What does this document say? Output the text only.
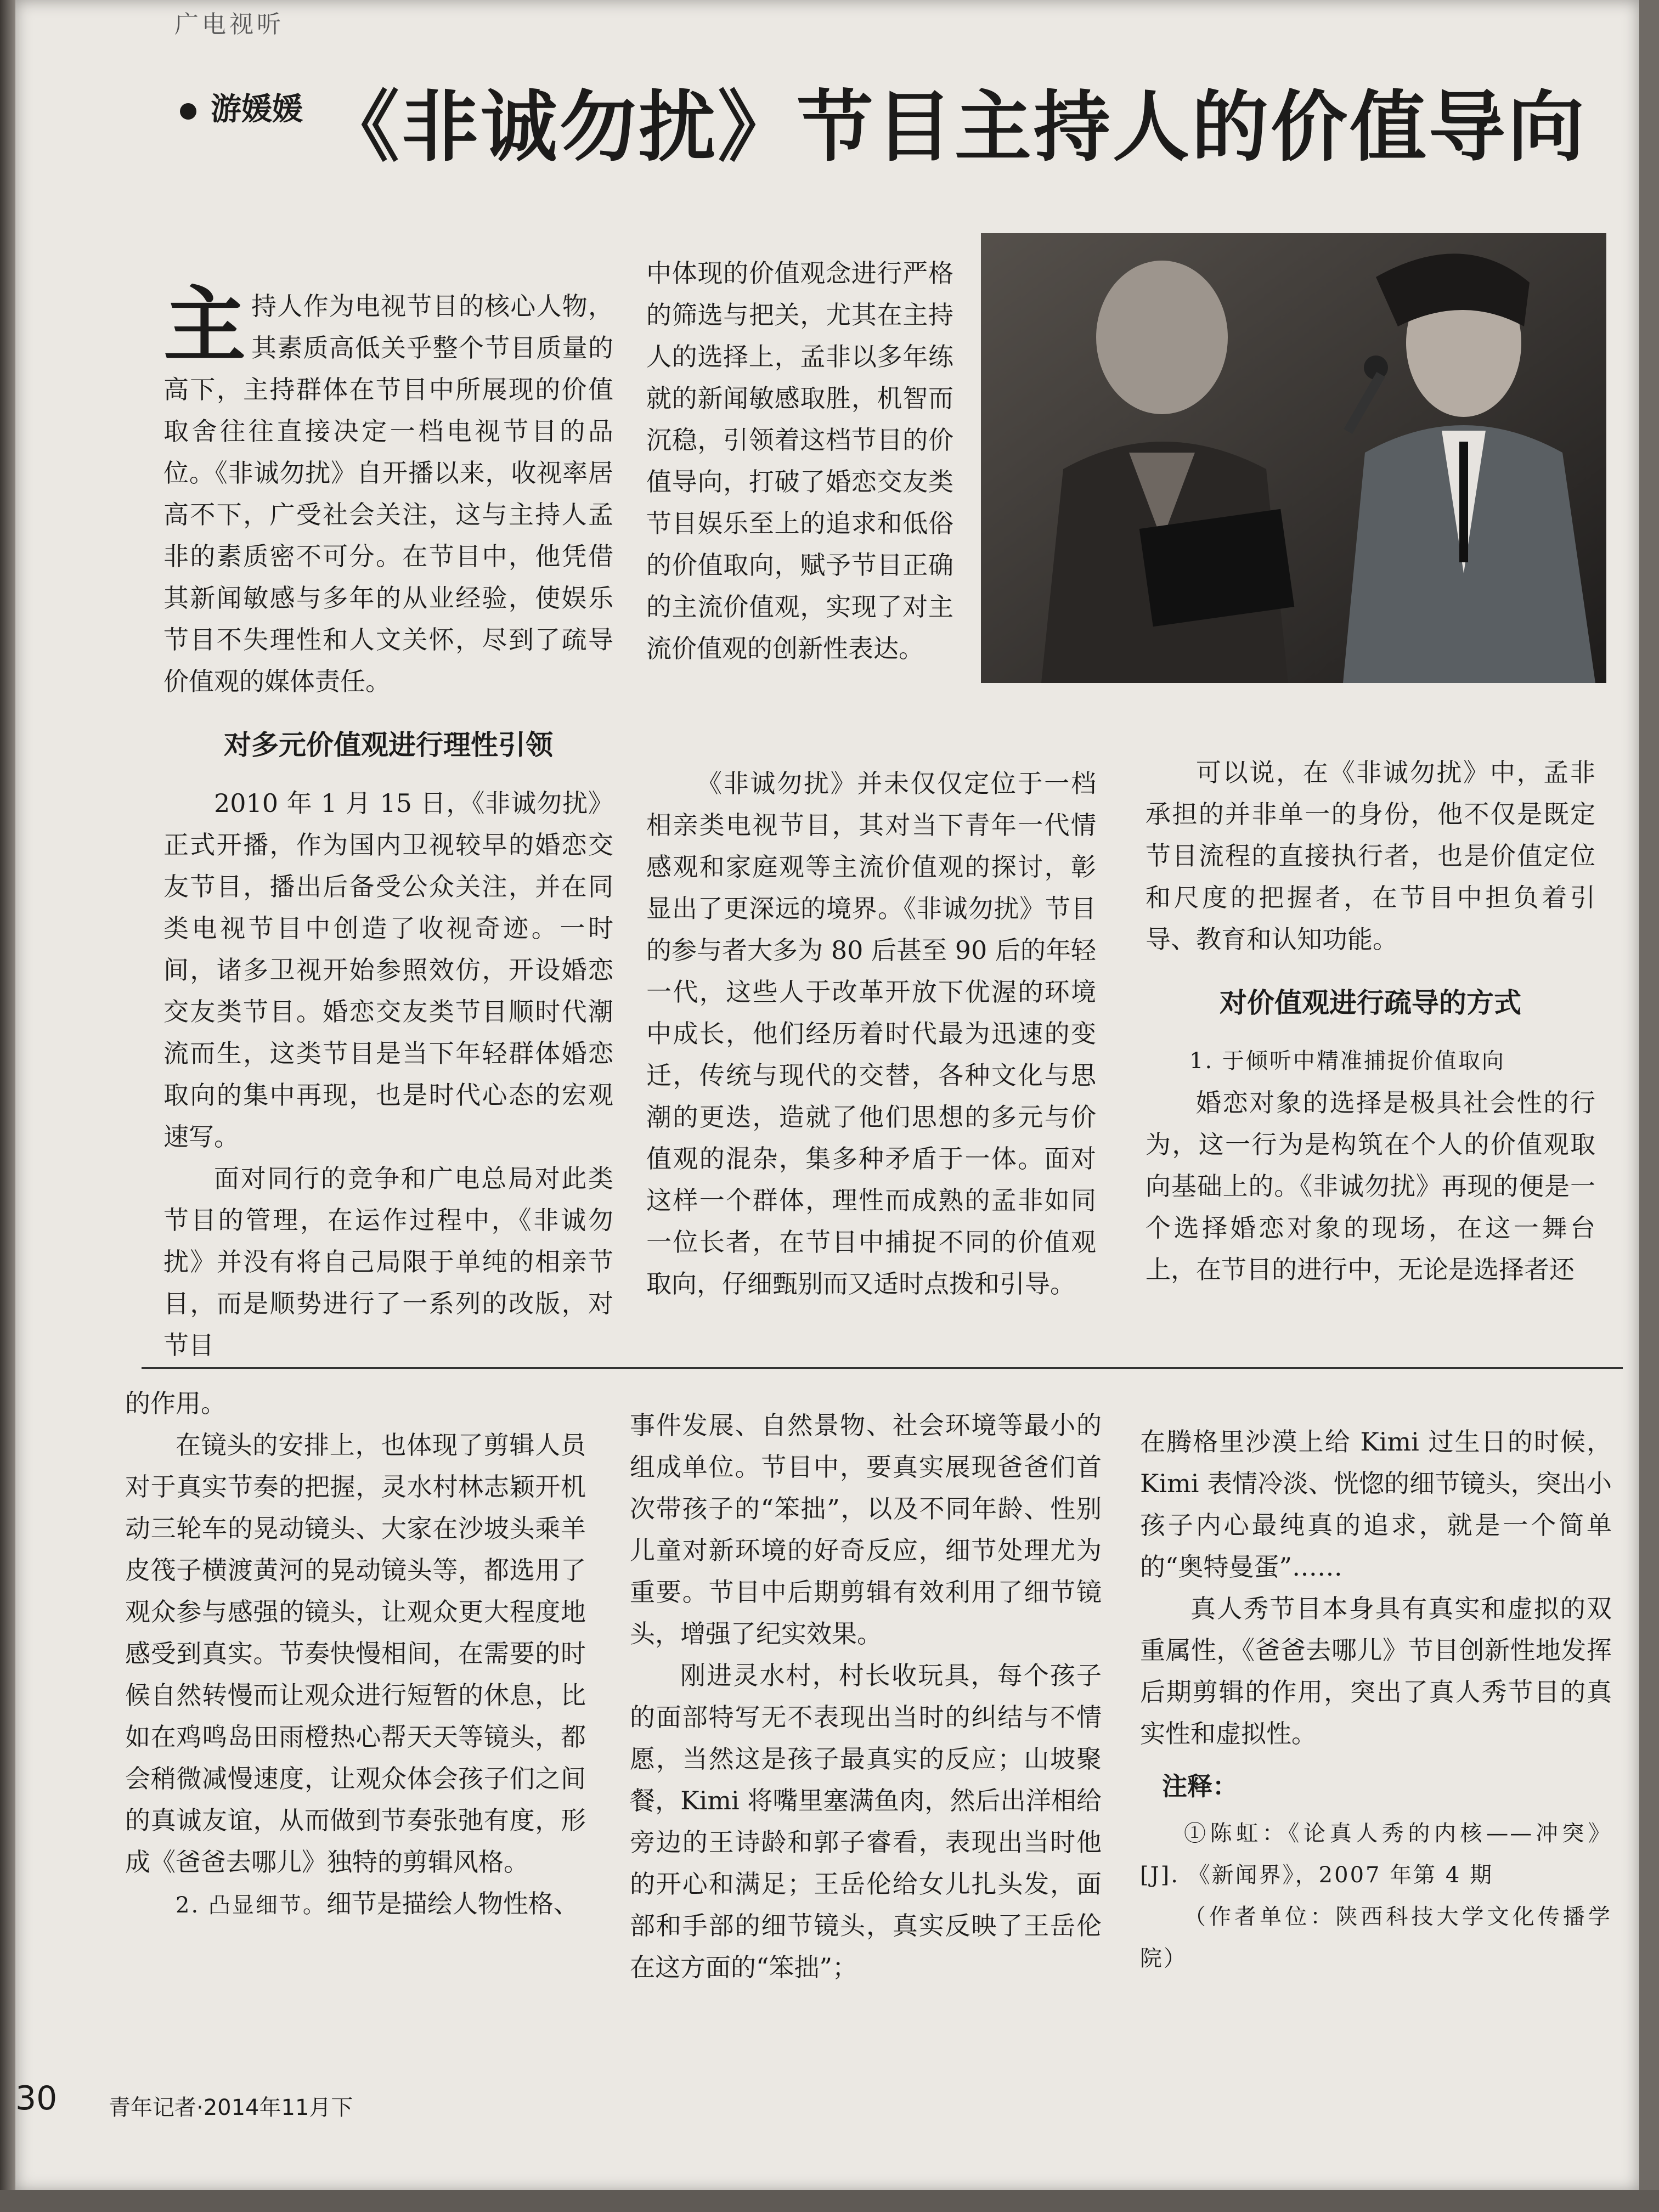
广电视听
游媛媛 《非诚勿扰》节目主持人的价值导向

主持人作为电视节目的核心人物，其素质高低关乎整个节目质量的高下，主持群体在节目中所展现的价值取舍往往直接决定一档电视节目的品位。《非诚勿扰》自开播以来，收视率居高不下，广受社会关注，这与主持人孟非的素质密不可分。在节目中，他凭借其新闻敏感与多年的从业经验，使娱乐节目不失理性和人文关怀，尽到了疏导价值观的媒体责任。

对多元价值观进行理性引领

2010 年 1 月 15 日，《非诚勿扰》正式开播，作为国内卫视较早的婚恋交友节目，播出后备受公众关注，并在同类电视节目中创造了收视奇迹。一时间，诸多卫视开始参照效仿，开设婚恋交友类节目。婚恋交友类节目顺时代潮流而生，这类节目是当下年轻群体婚恋取向的集中再现，也是时代心态的宏观速写。

面对同行的竞争和广电总局对此类节目的管理，在运作过程中，《非诚勿扰》并没有将自己局限于单纯的相亲节目，而是顺势进行了一系列的改版，对节目

中体现的价值观念进行严格的筛选与把关，尤其在主持人的选择上，孟非以多年练就的新闻敏感取胜，机智而沉稳，引领着这档节目的价值导向，打破了婚恋交友类节目娱乐至上的追求和低俗的价值取向，赋予节目正确的主流价值观，实现了对主流价值观的创新性表达。

《非诚勿扰》并未仅仅定位于一档相亲类电视节目，其对当下青年一代情感观和家庭观等主流价值观的探讨，彰显出了更深远的境界。《非诚勿扰》节目的参与者大多为 80 后甚至 90 后的年轻一代，这些人于改革开放下优渥的环境中成长，他们经历着时代最为迅速的变迁，传统与现代的交替，各种文化与思潮的更迭，造就了他们思想的多元与价值观的混杂，集多种矛盾于一体。面对这样一个群体，理性而成熟的孟非如同一位长者，在节目中捕捉不同的价值观取向，仔细甄别而又适时点拨和引导。

可以说，在《非诚勿扰》中，孟非承担的并非单一的身份，他不仅是既定节目流程的直接执行者，也是价值定位和尺度的把握者，在节目中担负着引导、教育和认知功能。

对价值观进行疏导的方式

1. 于倾听中精准捕捉价值取向

婚恋对象的选择是极具社会性的行为，这一行为是构筑在个人的价值观取向基础上的。《非诚勿扰》再现的便是一个选择婚恋对象的现场，在这一舞台上，在节目的进行中，无论是选择者还

的作用。

在镜头的安排上，也体现了剪辑人员对于真实节奏的把握，灵水村林志颖开机动三轮车的晃动镜头、大家在沙坡头乘羊皮筏子横渡黄河的晃动镜头等，都选用了观众参与感强的镜头，让观众更大程度地感受到真实。节奏快慢相间，在需要的时候自然转慢而让观众进行短暂的休息，比如在鸡鸣岛田雨橙热心帮天天等镜头，都会稍微减慢速度，让观众体会孩子们之间的真诚友谊，从而做到节奏张弛有度，形成《爸爸去哪儿》独特的剪辑风格。

2. 凸显细节。细节是描绘人物性格、

事件发展、自然景物、社会环境等最小的组成单位。节目中，要真实展现爸爸们首次带孩子的“笨拙”，以及不同年龄、性别儿童对新环境的好奇反应，细节处理尤为重要。节目中后期剪辑有效利用了细节镜头，增强了纪实效果。

刚进灵水村，村长收玩具，每个孩子的面部特写无不表现出当时的纠结与不情愿，当然这是孩子最真实的反应；山坡聚餐，Kimi 将嘴里塞满鱼肉，然后出洋相给旁边的王诗龄和郭子睿看，表现出当时他的开心和满足；王岳伦给女儿扎头发，面部和手部的细节镜头，真实反映了王岳伦在这方面的“笨拙”；

在腾格里沙漠上给 Kimi 过生日的时候，Kimi 表情冷淡、恍惚的细节镜头，突出小孩子内心最纯真的追求，就是一个简单的“奥特曼蛋”……

真人秀节目本身具有真实和虚拟的双重属性，《爸爸去哪儿》节目创新性地发挥后期剪辑的作用，突出了真人秀节目的真实性和虚拟性。

注释：

①陈虹：《论真人秀的内核——冲突》[J]. 《新闻界》，2007 年第 4 期

（作者单位：陕西科技大学文化传播学院）

30 青年记者·2014年11月下
